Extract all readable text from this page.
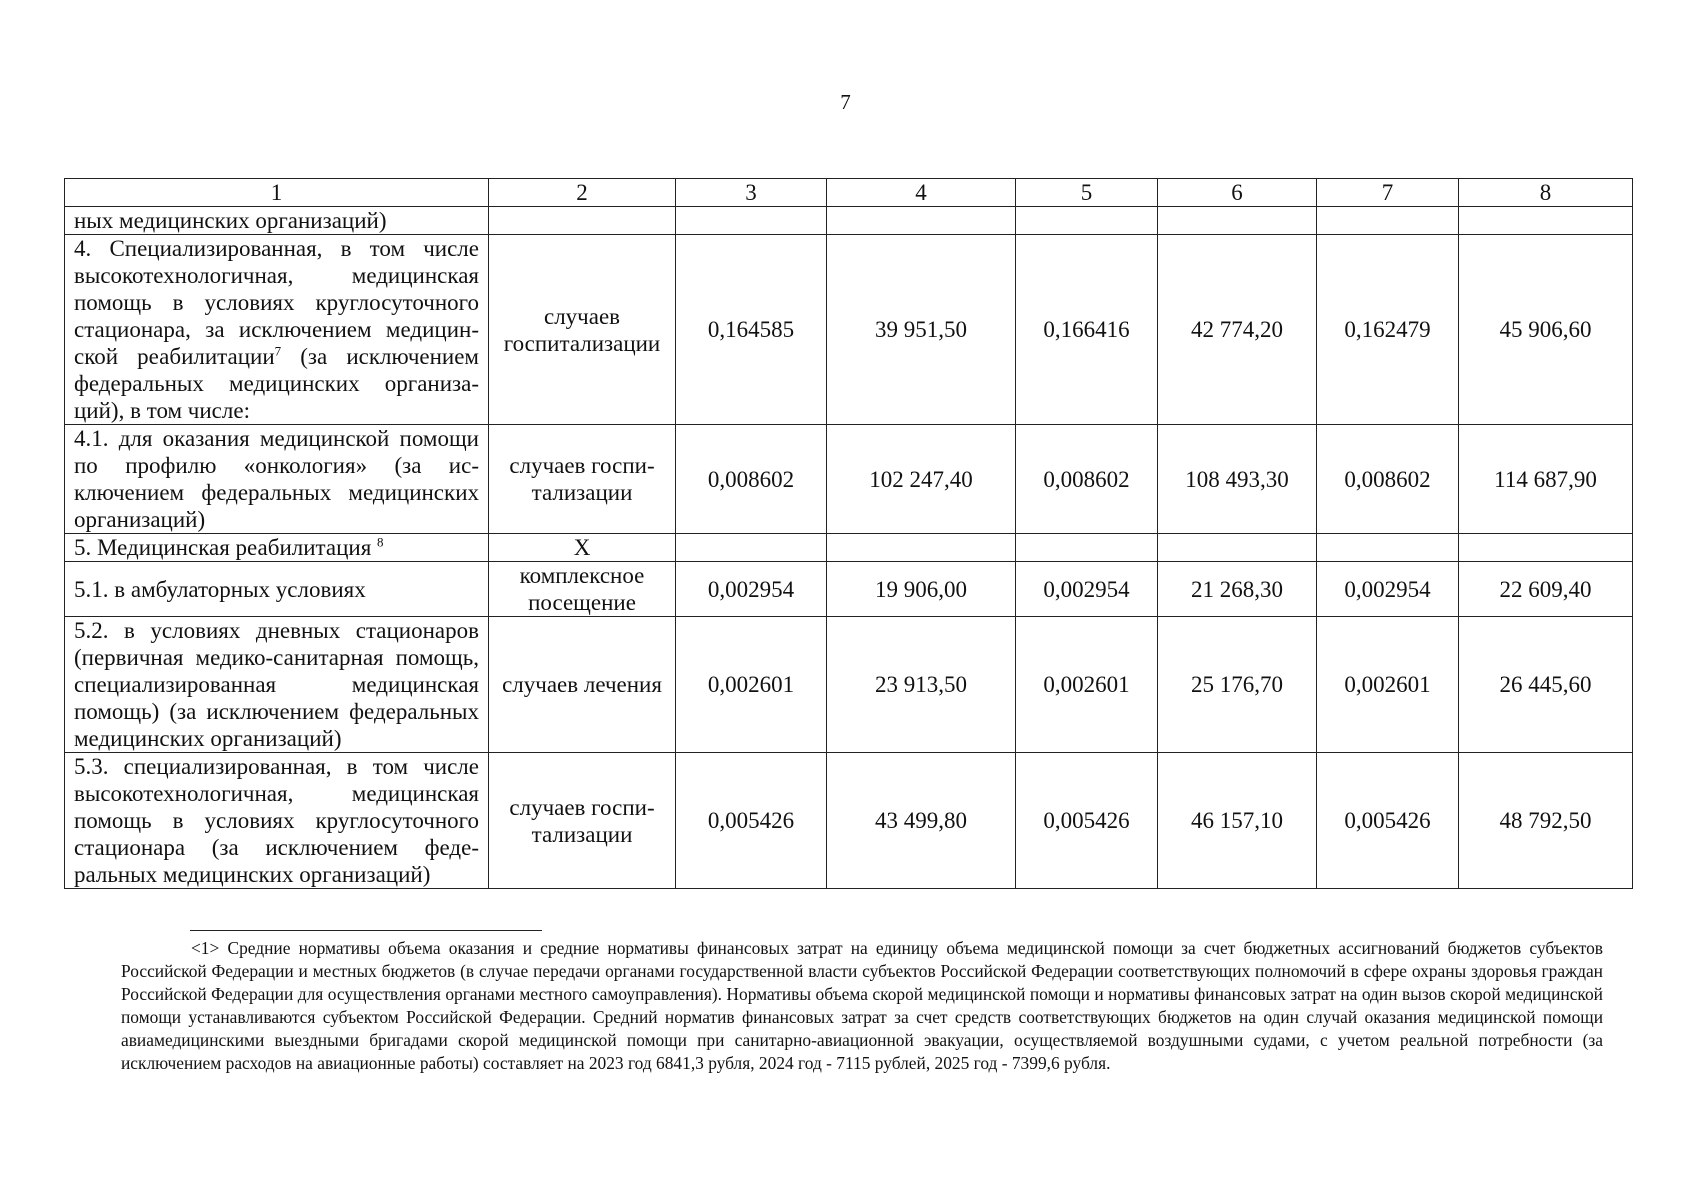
7
1	2	3	4	5	6	7	8
ных медицинских организаций)							
4. Специализированная, в том числе высокотехнологичная, медицинская помощь в условиях круглосуточного стационара, за исключением медицинской реабилитации$^7$ (за исключением федеральных медицинских организаций), в том числе:	случаев госпитализации	0,164585	39 951,50	0,166416	42 774,20	0,162479	45 906,60
4.1. для оказания медицинской помощи по профилю «онкология» (за исключением федеральных медицинских организаций)	случаев госпитализации	0,008602	102 247,40	0,008602	108 493,30	0,008602	114 687,90
5. Медицинская реабилитация $^8$	X						
5.1. в амбулаторных условиях	комплексное посещение	0,002954	19 906,00	0,002954	21 268,30	0,002954	22 609,40
5.2. в условиях дневных стационаров (первичная медико-санитарная помощь, специализированная медицинская помощь) (за исключением федеральных медицинских организаций)	случаев лечения	0,002601	23 913,50	0,002601	25 176,70	0,002601	26 445,60
5.3. специализированная, в том числе высокотехнологичная, медицинская помощь в условиях круглосуточного стационара (за исключением федеральных медицинских организаций)	случаев госпитализации	0,005426	43 499,80	0,005426	46 157,10	0,005426	48 792,50
<1> Средние нормативы объема оказания и средние нормативы финансовых затрат на единицу объема медицинской помощи за счет бюджетных ассигнований бюджетов субъектов Российской Федерации и местных бюджетов (в случае передачи органами государственной власти субъектов Российской Федерации соответствующих полномочий в сфере охраны здоровья граждан Российской Федерации для осуществления органами местного самоуправления). Нормативы объема скорой медицинской помощи и нормативы финансовых затрат на один вызов скорой медицинской помощи устанавливаются субъектом Российской Федерации. Средний норматив финансовых затрат за счет средств соответствующих бюджетов на один случай оказания медицинской помощи авиамедицинскими выездными бригадами скорой медицинской помощи при санитарно-авиационной эвакуации, осуществляемой воздушными судами, с учетом реальной потребности (за исключением расходов на авиационные работы) составляет на 2023 год 6841,3 рубля, 2024 год - 7115 рублей, 2025 год - 7399,6 рубля.
